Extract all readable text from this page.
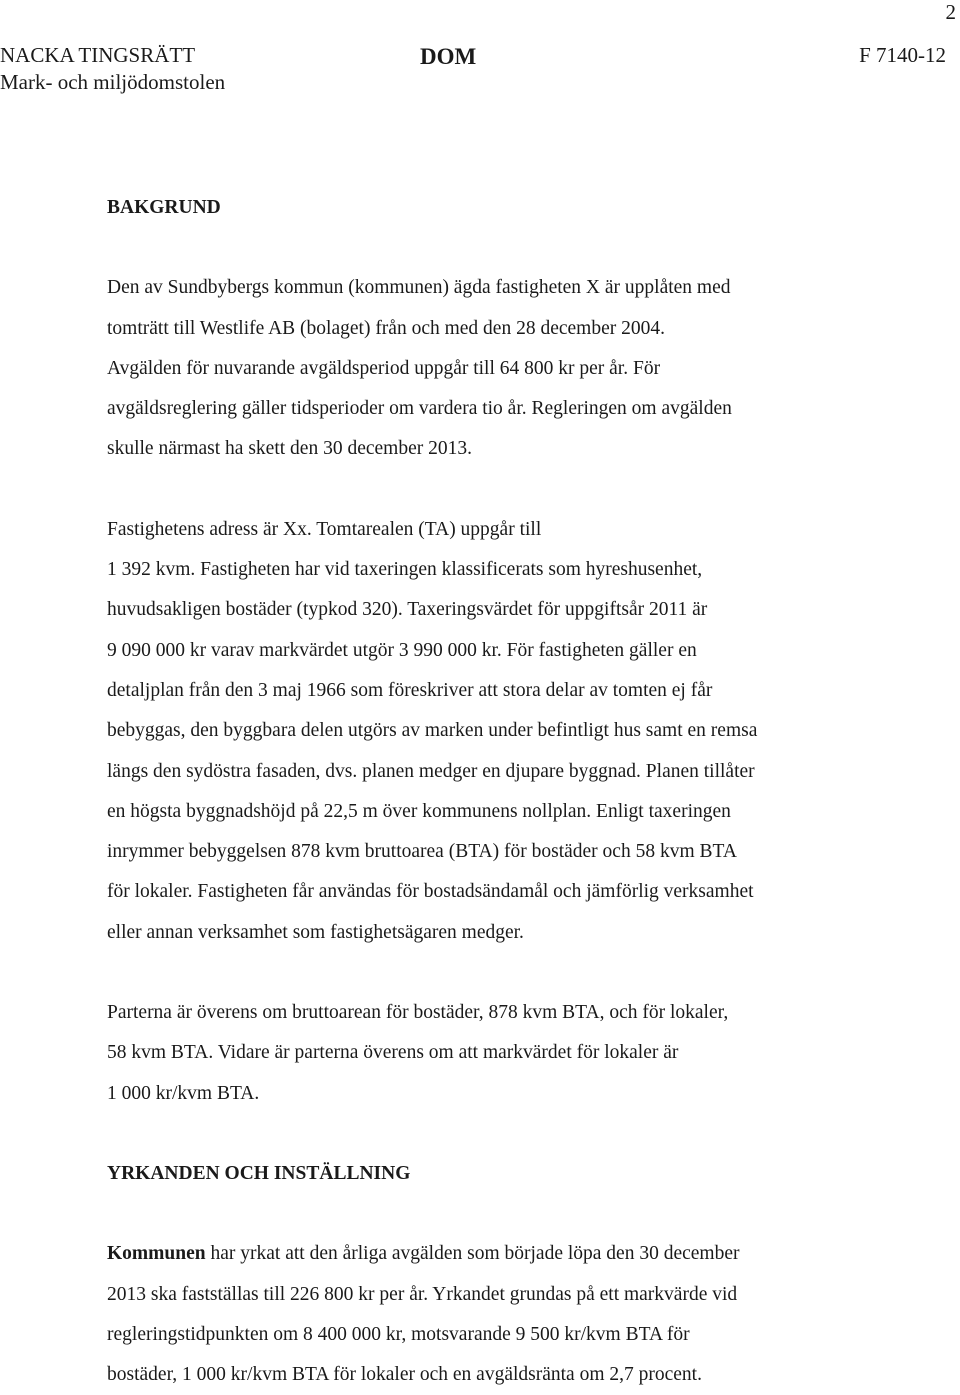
2
NACKA TINGSRÄTT
Mark- och miljödomstolen
DOM	F 7140-12

BAKGRUND

Den av Sundbybergs kommun (kommunen) ägda fastigheten X är upplåten med
tomträtt till Westlife AB (bolaget) från och med den 28 december 2004.
Avgälden för nuvarande avgäldsperiod uppgår till 64 800 kr per år. För
avgäldsreglering gäller tidsperioder om vardera tio år. Regleringen om avgälden
skulle närmast ha skett den 30 december 2013.

Fastighetens adress är Xx. Tomtarealen (TA) uppgår till
1 392 kvm. Fastigheten har vid taxeringen klassificerats som hyreshusenhet,
huvudsakligen bostäder (typkod 320). Taxeringsvärdet för uppgiftsår 2011 är
9 090 000 kr varav markvärdet utgör 3 990 000 kr. För fastigheten gäller en
detaljplan från den 3 maj 1966 som föreskriver att stora delar av tomten ej får
bebyggas, den byggbara delen utgörs av marken under befintligt hus samt en remsa
längs den sydöstra fasaden, dvs. planen medger en djupare byggnad. Planen tillåter
en högsta byggnadshöjd på 22,5 m över kommunens nollplan. Enligt taxeringen
inrymmer bebyggelsen 878 kvm bruttoarea (BTA) för bostäder och 58 kvm BTA
för lokaler. Fastigheten får användas för bostadsändamål och jämförlig verksamhet
eller annan verksamhet som fastighetsägaren medger.

Parterna är överens om bruttoarean för bostäder, 878 kvm BTA, och för lokaler,
58 kvm BTA. Vidare är parterna överens om att markvärdet för lokaler är
1 000 kr/kvm BTA.

YRKANDEN OCH INSTÄLLNING

Kommunen har yrkat att den årliga avgälden som började löpa den 30 december
2013 ska fastställas till 226 800 kr per år. Yrkandet grundas på ett markvärde vid
regleringstidpunkten om 8 400 000 kr, motsvarande 9 500 kr/kvm BTA för
bostäder, 1 000 kr/kvm BTA för lokaler och en avgäldsränta om 2,7 procent.
